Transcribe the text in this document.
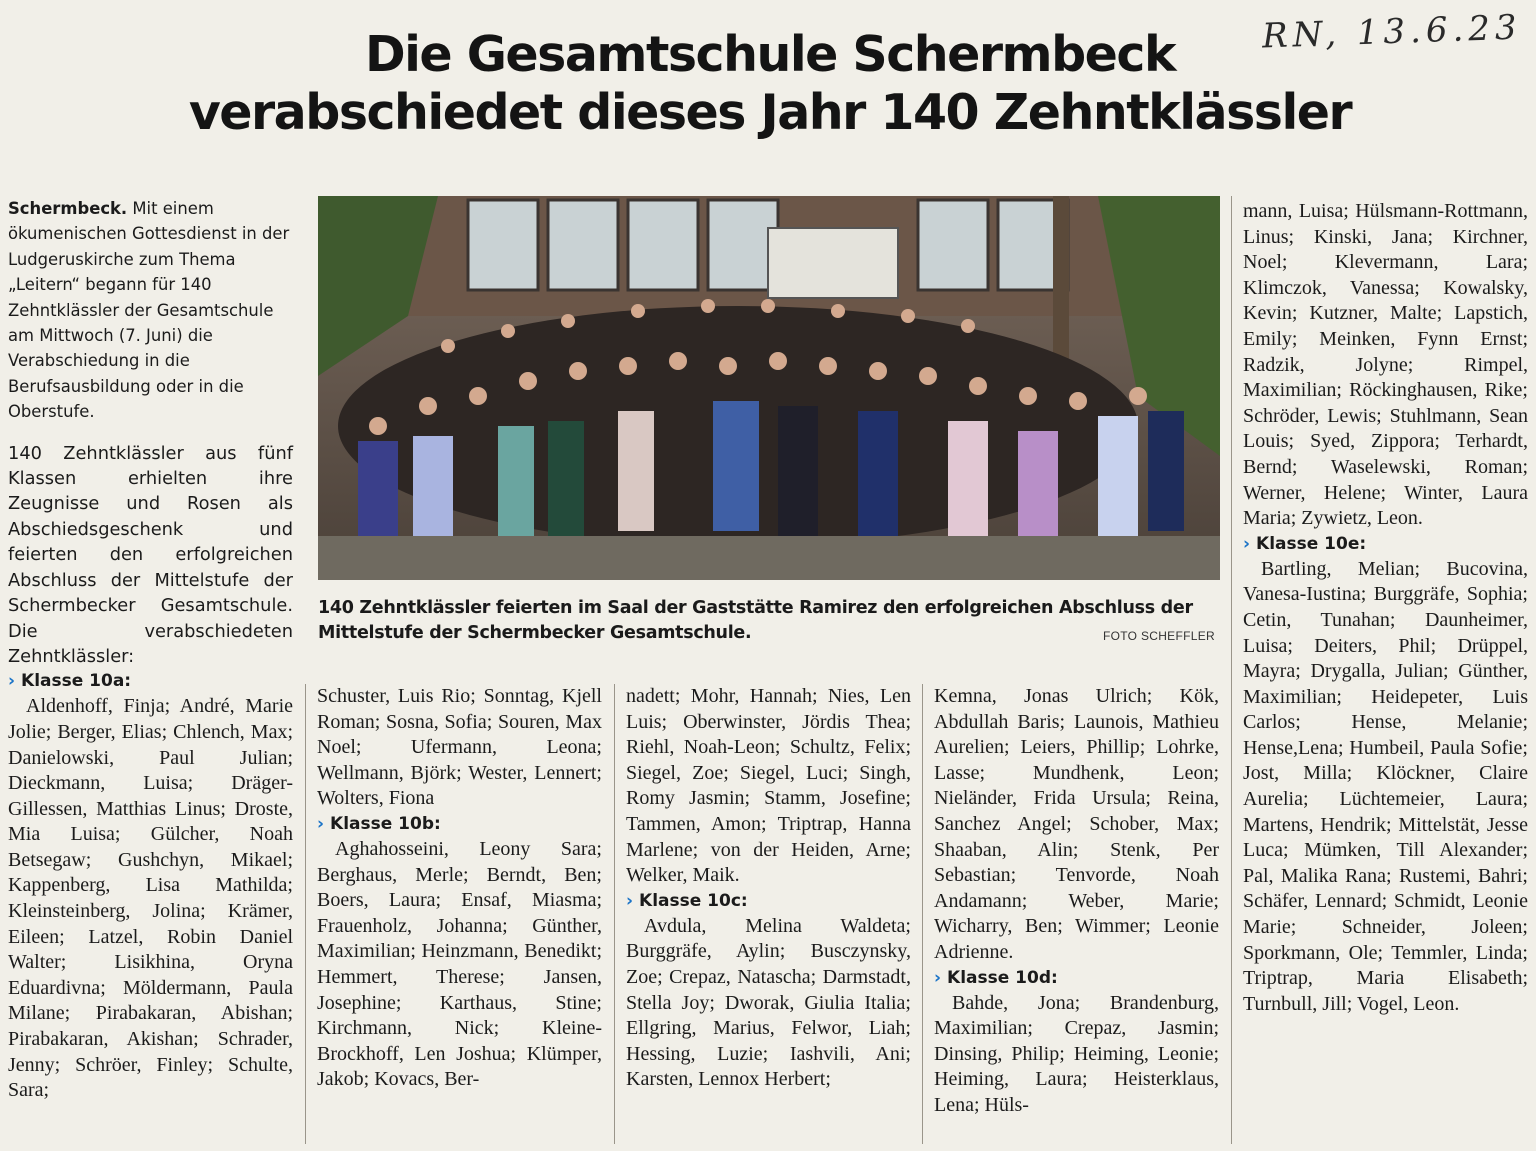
RN, 13.6.23
Die Gesamtschule Schermbeck
verabschiedet dieses Jahr 140 Zehntklässler

Schermbeck. Mit einem ökumenischen Gottesdienst in der Ludgeruskirche zum Thema „Leitern“ begann für 140 Zehntklässler der Gesamtschule am Mittwoch (7. Juni) die Verabschiedung in die Berufsausbildung oder in die Oberstufe.

140 Zehntklässler aus fünf Klassen erhielten ihre Zeugnisse und Rosen als Abschiedsgeschenk und feierten den erfolgreichen Abschluss der Mittelstufe der Schermbecker Gesamtschule. Die verabschiedeten Zehntklässler:

› Klasse 10a:

Aldenhoff, Finja; André, Marie Jolie; Berger, Elias; Chlench, Max; Danielowski, Paul Julian; Dieckmann, Luisa; Dräger-Gillessen, Matthias Linus; Droste, Mia Luisa; Gülcher, Noah Betsegaw; Gushchyn, Mikael; Kappenberg, Lisa Mathilda; Kleinsteinberg, Jolina; Krämer, Eileen; Latzel, Robin Daniel Walter; Lisikhina, Oryna Eduardivna; Möldermann, Paula Milane; Pirabakaran, Abishan; Pirabakaran, Akishan; Schrader, Jenny; Schröer, Finley; Schulte, Sara;

140 Zehntklässler feierten im Saal der Gaststätte Ramirez den erfolgreichen Abschluss der Mittelstufe der Schermbecker Gesamtschule.	FOTO SCHEFFLER

mann, Luisa; Hülsmann-Rottmann, Linus; Kinski, Jana; Kirchner, Noel; Klevermann, Lara; Klimczok, Vanessa; Kowalsky, Kevin; Kutzner, Malte; Lapstich, Emily; Meinken, Fynn Ernst; Radzik, Jolyne; Rimpel, Maximilian; Röckinghausen, Rike; Schröder, Lewis; Stuhlmann, Sean Louis; Syed, Zippora; Terhardt, Bernd; Waselewski, Roman; Werner, Helene; Winter, Laura Maria; Zywietz, Leon.

› Klasse 10e:

Bartling, Melian; Bucovina, Vanesa-Iustina; Burggräfe, Sophia; Cetin, Tunahan; Daunheimer, Luisa; Deiters, Phil; Drüppel, Mayra; Drygalla, Julian; Günther, Maximilian; Heidepeter, Luis Carlos; Hense, Melanie; Hense,Lena; Humbeil, Paula Sofie; Jost, Milla; Klöckner, Claire Aurelia; Lüchtemeier, Laura; Martens, Hendrik; Mittelstät, Jesse Luca; Mümken, Till Alexander; Pal, Malika Rana; Rustemi, Bahri; Schäfer, Lennard; Schmidt, Leonie Marie; Schneider, Joleen; Sporkmann, Ole; Temmler, Linda; Triptrap, Maria Elisabeth; Turnbull, Jill; Vogel, Leon.

Schuster, Luis Rio; Sonntag, Kjell Roman; Sosna, Sofia; Souren, Max Noel; Ufermann, Leona; Wellmann, Björk; Wester, Lennert; Wolters, Fiona

› Klasse 10b:

Aghahosseini, Leony Sara; Berghaus, Merle; Berndt, Ben; Boers, Laura; Ensaf, Miasma; Frauenholz, Johanna; Günther, Maximilian; Heinzmann, Benedikt; Hemmert, Therese; Jansen, Josephine; Karthaus, Stine; Kirchmann, Nick; Kleine-Brockhoff, Len Joshua; Klümper, Jakob; Kovacs, Ber-

nadett; Mohr, Hannah; Nies, Len Luis; Oberwinster, Jördis Thea; Riehl, Noah-Leon; Schultz, Felix; Siegel, Zoe; Siegel, Luci; Singh, Romy Jasmin; Stamm, Josefine; Tammen, Amon; Triptrap, Hanna Marlene; von der Heiden, Arne; Welker, Maik.

› Klasse 10c:

Avdula, Melina Waldeta; Burggräfe, Aylin; Busczynsky, Zoe; Crepaz, Natascha; Darmstadt, Stella Joy; Dworak, Giulia Italia; Ellgring, Marius, Felwor, Liah; Hessing, Luzie; Iashvili, Ani; Karsten, Lennox Herbert;

Kemna, Jonas Ulrich; Kök, Abdullah Baris; Launois, Mathieu Aurelien; Leiers, Phillip; Lohrke, Lasse; Mundhenk, Leon; Nieländer, Frida Ursula; Reina, Sanchez Angel; Schober, Max; Shaaban, Alin; Stenk, Per Sebastian; Tenvorde, Noah Andamann; Weber, Marie; Wicharry, Ben; Wimmer; Leonie Adrienne.

› Klasse 10d:

Bahde, Jona; Brandenburg, Maximilian; Crepaz, Jasmin; Dinsing, Philip; Heiming, Leonie; Heiming, Laura; Heisterklaus, Lena; Hüls-
